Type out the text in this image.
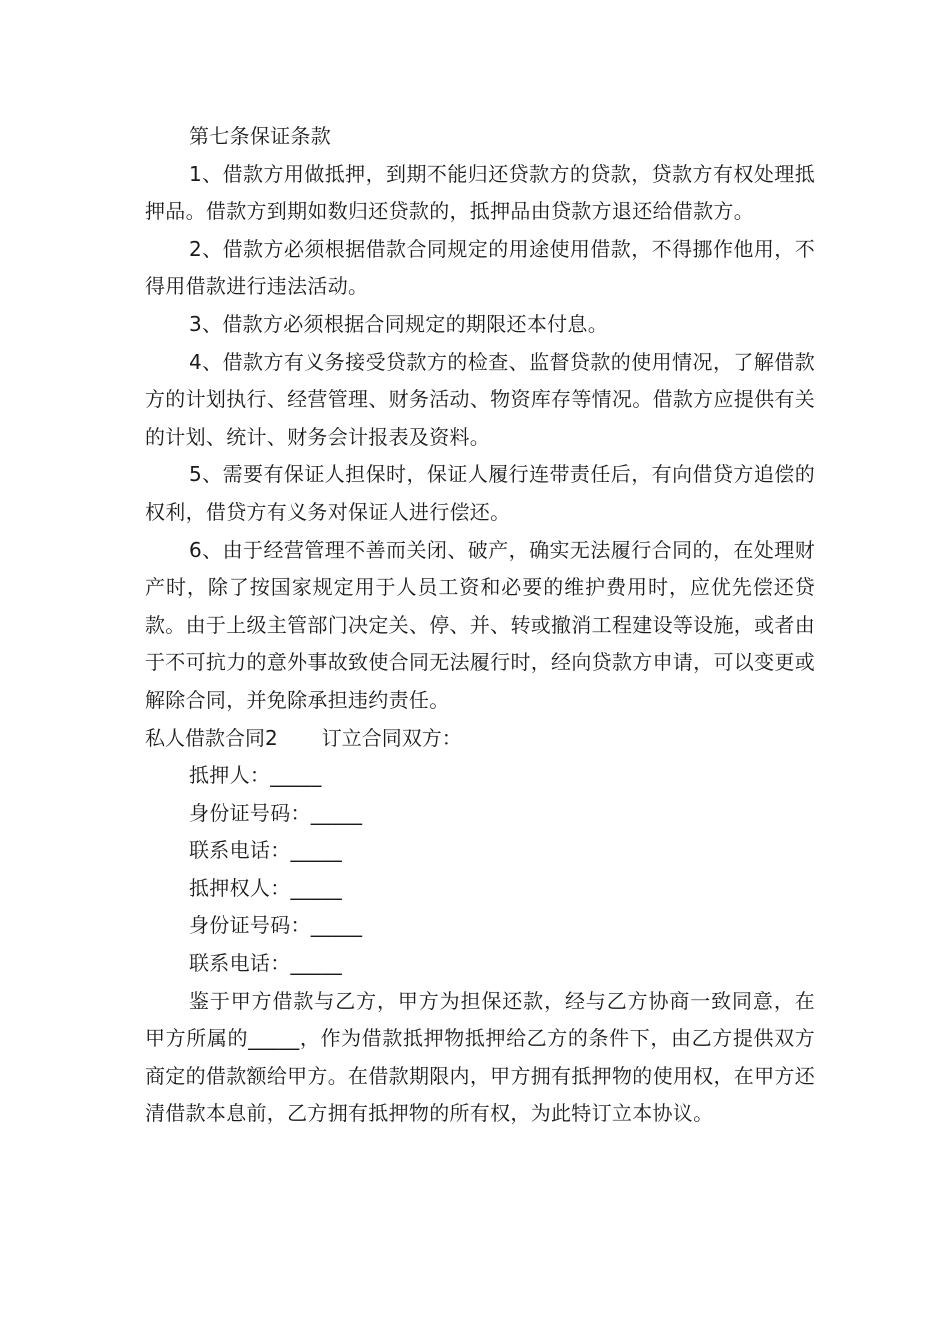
第七条保证条款

1、借款方用做抵押，到期不能归还贷款方的贷款，贷款方有权处理抵押品。借款方到期如数归还贷款的，抵押品由贷款方退还给借款方。

2、借款方必须根据借款合同规定的用途使用借款，不得挪作他用，不得用借款进行违法活动。

3、借款方必须根据合同规定的期限还本付息。

4、借款方有义务接受贷款方的检查、监督贷款的使用情况，了解借款方的计划执行、经营管理、财务活动、物资库存等情况。借款方应提供有关的计划、统计、财务会计报表及资料。

5、需要有保证人担保时，保证人履行连带责任后，有向借贷方追偿的权利，借贷方有义务对保证人进行偿还。

6、由于经营管理不善而关闭、破产，确实无法履行合同的，在处理财产时，除了按国家规定用于人员工资和必要的维护费用时，应优先偿还贷款。由于上级主管部门决定关、停、并、转或撤消工程建设等设施，或者由于不可抗力的意外事故致使合同无法履行时，经向贷款方申请，可以变更或解除合同，并免除承担违约责任。

私人借款合同2 订立合同双方：

抵押人：_____

身份证号码：_____

联系电话：_____

抵押权人：_____

身份证号码：_____

联系电话：_____

鉴于甲方借款与乙方，甲方为担保还款，经与乙方协商一致同意，在甲方所属的_____，作为借款抵押物抵押给乙方的条件下，由乙方提供双方商定的借款额给甲方。在借款期限内，甲方拥有抵押物的使用权，在甲方还清借款本息前，乙方拥有抵押物的所有权，为此特订立本协议。
